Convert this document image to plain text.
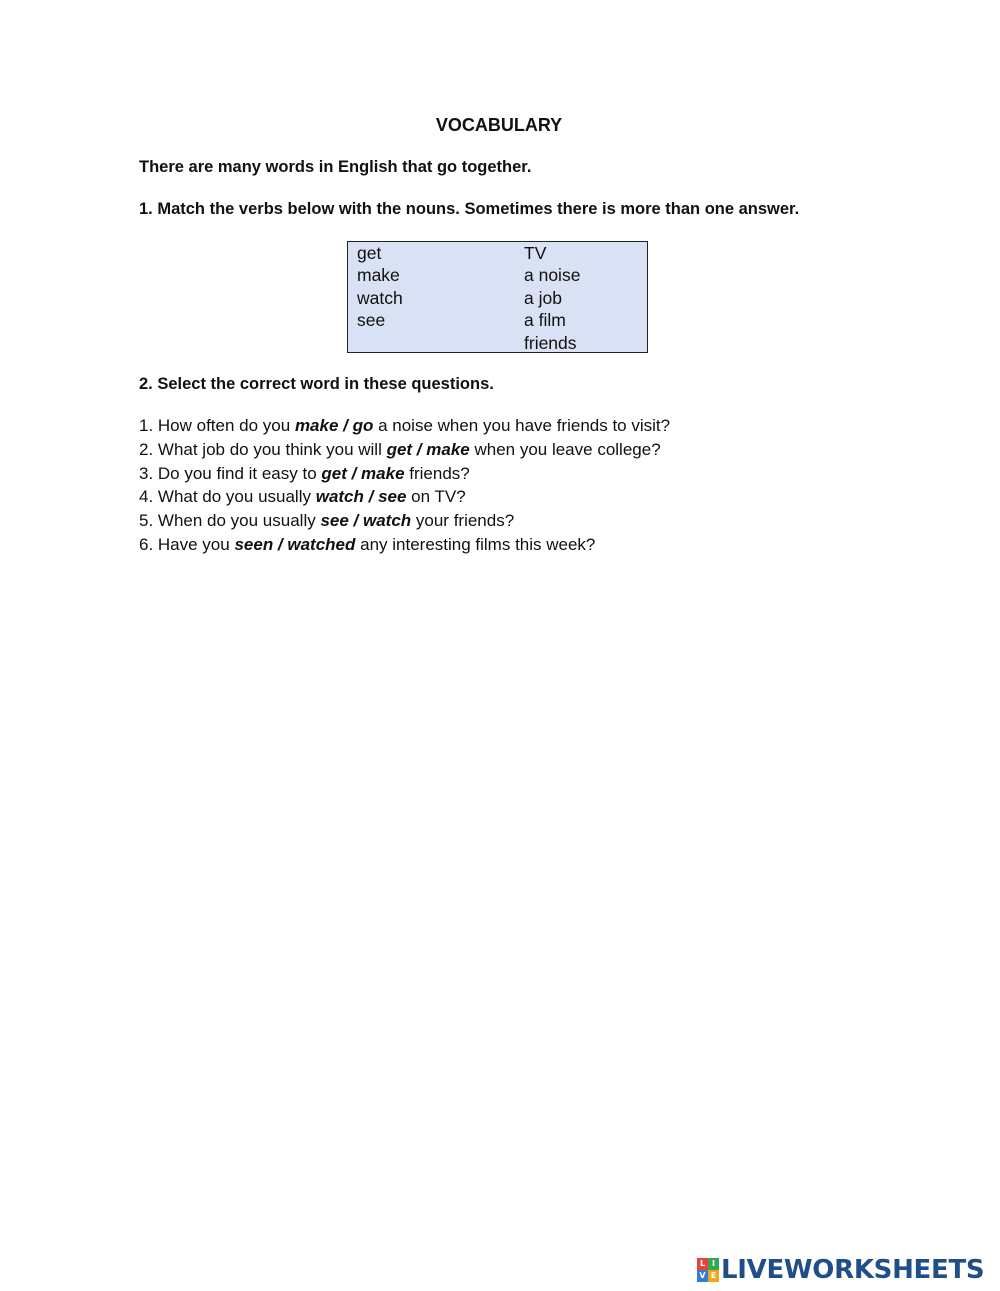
VOCABULARY
There are many words in English that go together.
1. Match the verbs below with the nouns. Sometimes there is more than one answer.
get
make
watch
see
TV
a noise
a job
a film
friends
2. Select the correct word in these questions.
1. How often do you make / go a noise when you have friends to visit?
2. What job do you think you will get / make when you leave college?
3. Do you find it easy to get / make friends?
4. What do you usually watch / see on TV?
5. When do you usually see / watch your friends?
6. Have you seen / watched any interesting films this week?
L I
V E LIVEWORKSHEETS
